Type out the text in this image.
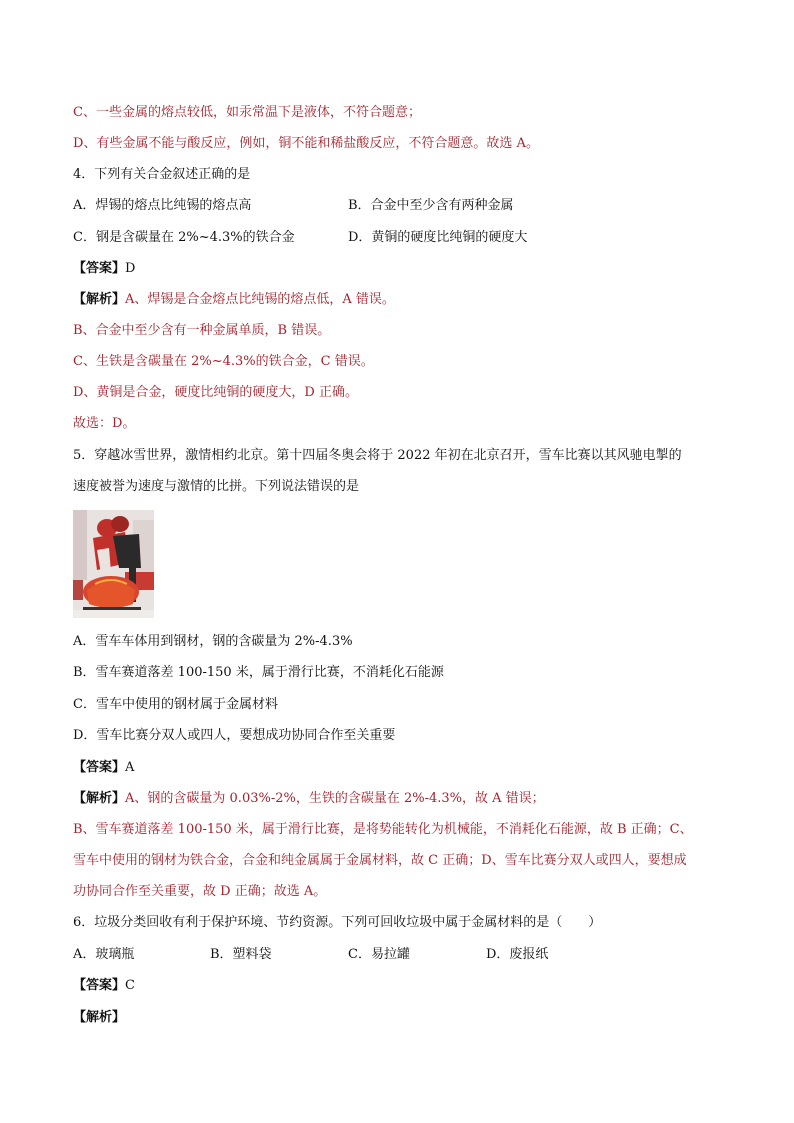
C、一些金属的熔点较低，如汞常温下是液体，不符合题意；
D、有些金属不能与酸反应，例如，铜不能和稀盐酸反应，不符合题意。故选 A。
4．下列有关合金叙述正确的是
A．焊锡的熔点比纯锡的熔点高	B．合金中至少含有两种金属
C．钢是含碳量在 2%~4.3%的铁合金	D．黄铜的硬度比纯铜的硬度大
【答案】D
【解析】A、焊锡是合金熔点比纯锡的熔点低，A 错误。
B、合金中至少含有一种金属单质，B 错误。
C、生铁是含碳量在 2%~4.3%的铁合金，C 错误。
D、黄铜是合金，硬度比纯铜的硬度大，D 正确。
故选：D。
5．穿越冰雪世界，激情相约北京。第十四届冬奥会将于 2022 年初在北京召开，雪车比赛以其风驰电掣的
速度被誉为速度与激情的比拼。下列说法错误的是
A．雪车车体用到钢材，钢的含碳量为 2%-4.3%
B．雪车赛道落差 100-150 米，属于滑行比赛，不消耗化石能源
C．雪车中使用的钢材属于金属材料
D．雪车比赛分双人或四人，要想成功协同合作至关重要
【答案】A
【解析】A、钢的含碳量为 0.03%-2%，生铁的含碳量在 2%-4.3%，故 A 错误；
B、雪车赛道落差 100-150 米，属于滑行比赛，是将势能转化为机械能，不消耗化石能源，故 B 正确；C、
雪车中使用的钢材为铁合金，合金和纯金属属于金属材料，故 C 正确；D、雪车比赛分双人或四人，要想成
功协同合作至关重要，故 D 正确；故选 A。
6．垃圾分类回收有利于保护环境、节约资源。下列可回收垃圾中属于金属材料的是（　　）
A．玻璃瓶	B．塑料袋	C．易拉罐	D．废报纸
【答案】C
【解析】
